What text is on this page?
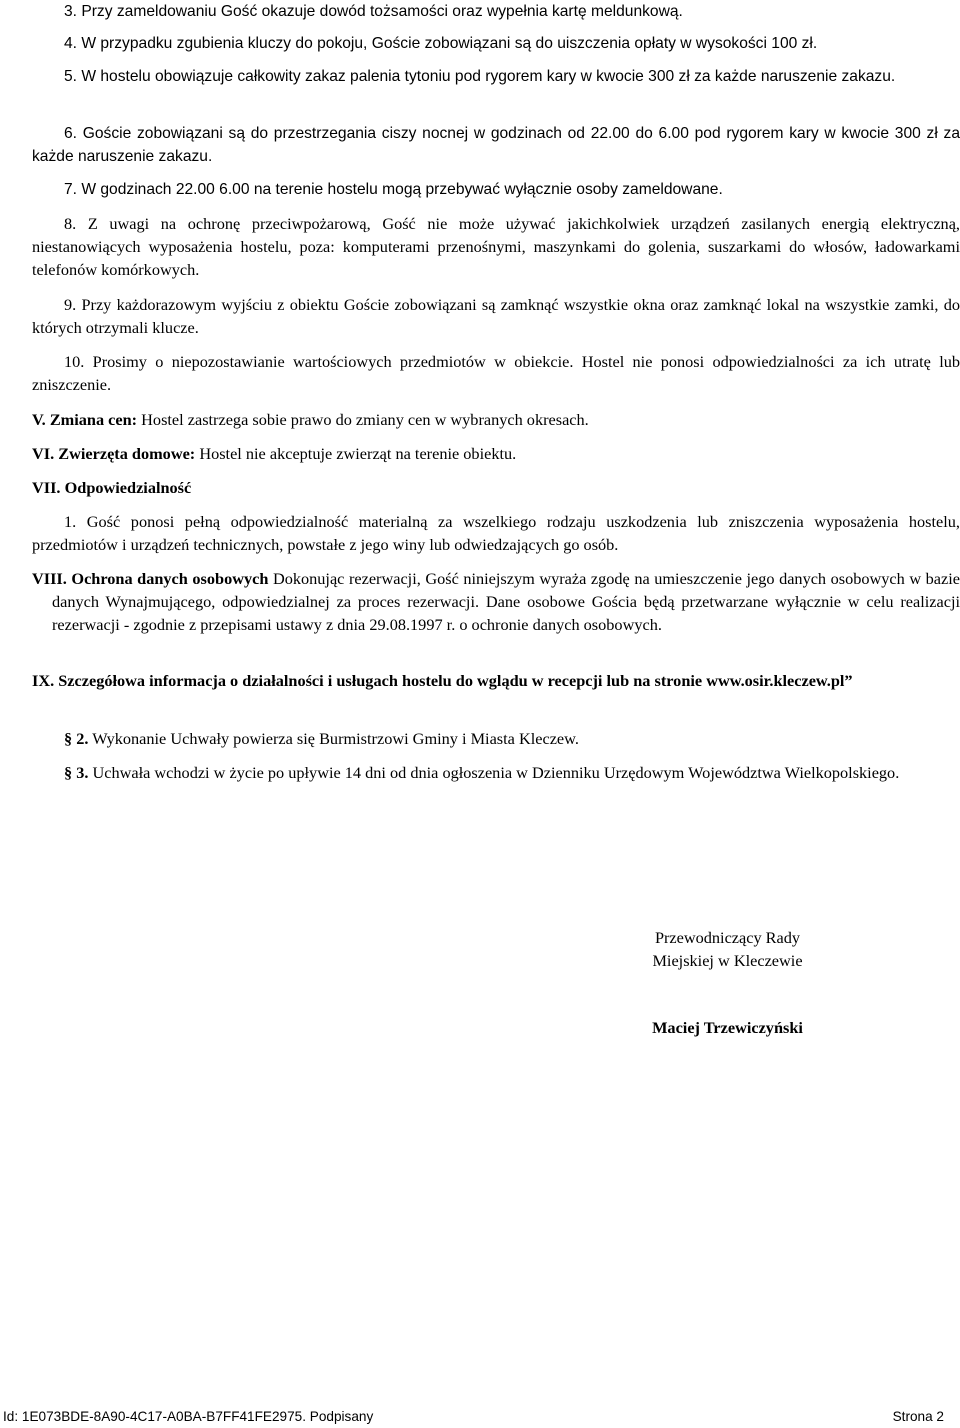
3. Przy zameldowaniu Gość okazuje dowód tożsamości oraz wypełnia kartę meldunkową.

4. W przypadku zgubienia kluczy do pokoju, Goście zobowiązani są do uiszczenia opłaty w wysokości 100 zł.

5. W hostelu obowiązuje całkowity zakaz palenia tytoniu pod rygorem kary w kwocie 300 zł za każde naruszenie zakazu.

6. Goście zobowiązani są do przestrzegania ciszy nocnej w godzinach od 22.00 do 6.00 pod rygorem kary w kwocie 300 zł za każde naruszenie zakazu.

7. W godzinach 22.00 6.00 na terenie hostelu mogą przebywać wyłącznie osoby zameldowane.

8. Z uwagi na ochronę przeciwpożarową, Gość nie może używać jakichkolwiek urządzeń zasilanych energią elektryczną, niestanowiących wyposażenia hostelu, poza: komputerami przenośnymi, maszynkami do golenia, suszarkami do włosów, ładowarkami telefonów komórkowych.

9. Przy każdorazowym wyjściu z obiektu Goście zobowiązani są zamknąć wszystkie okna oraz zamknąć lokal na wszystkie zamki, do których otrzymali klucze.

10. Prosimy o niepozostawianie wartościowych przedmiotów w obiekcie. Hostel nie ponosi odpowiedzialności za ich utratę lub zniszczenie.

V. Zmiana cen: Hostel zastrzega sobie prawo do zmiany cen w wybranych okresach.

VI. Zwierzęta domowe: Hostel nie akceptuje zwierząt na terenie obiektu.

VII. Odpowiedzialność

1. Gość ponosi pełną odpowiedzialność materialną za wszelkiego rodzaju uszkodzenia lub zniszczenia wyposażenia hostelu, przedmiotów i urządzeń technicznych, powstałe z jego winy lub odwiedzających go osób.

VIII. Ochrona danych osobowych Dokonując rezerwacji, Gość niniejszym wyraża zgodę na umieszczenie jego danych osobowych w bazie danych Wynajmującego, odpowiedzialnej za proces rezerwacji. Dane osobowe Gościa będą przetwarzane wyłącznie w celu realizacji rezerwacji - zgodnie z przepisami ustawy z dnia 29.08.1997 r. o ochronie danych osobowych.

IX. Szczegółowa informacja o działalności i usługach hostelu do wglądu w recepcji lub na stronie www.osir.kleczew.pl”

§ 2. Wykonanie Uchwały powierza się Burmistrzowi Gminy i Miasta Kleczew.

§ 3. Uchwała wchodzi w życie po upływie 14 dni od dnia ogłoszenia w Dzienniku Urzędowym Województwa Wielkopolskiego.

Przewodniczący Rady
Miejskiej w Kleczewie
Maciej Trzewiczyński
Id: 1E073BDE-8A90-4C17-A0BA-B7FF41FE2975. Podpisany	Strona 2
